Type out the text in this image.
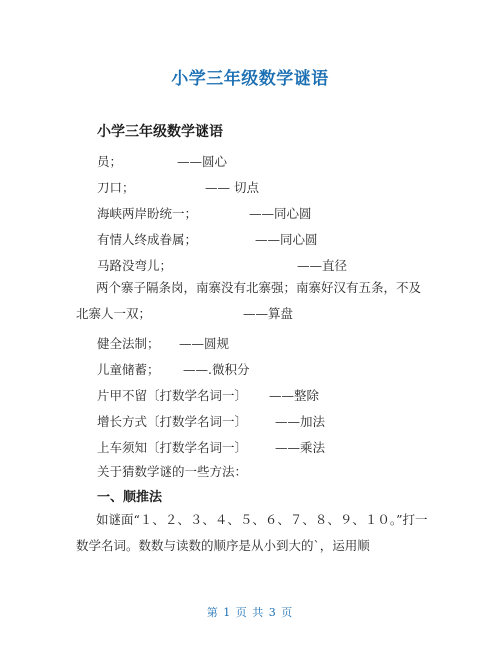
小学三年级数学谜语
小学三年级数学谜语
员；	——圆心
刀口；	—— 切点
海峡两岸盼统一；	——同心圆
有情人终成眷属；	——同心圆
马路没弯儿；	——直径
两个寨子隔条岗，南寨没有北寨强；南寨好汉有五条，不及北寨人一双；	——算盘
健全法制； ——圆规
儿童储蓄； ——.微积分
片甲不留〔打数学名词一〕 ——整除
增长方式〔打数学名词一〕 ——加法
上车须知〔打数学名词一〕 ——乘法
关于猜数学谜的一些方法：
一、顺推法
如谜面“１、２、３、４、５、６、７、８、９、１０。”打一数学名词。数数与读数的顺序是从小到大的`，运用顺
第 1 页 共 3 页
